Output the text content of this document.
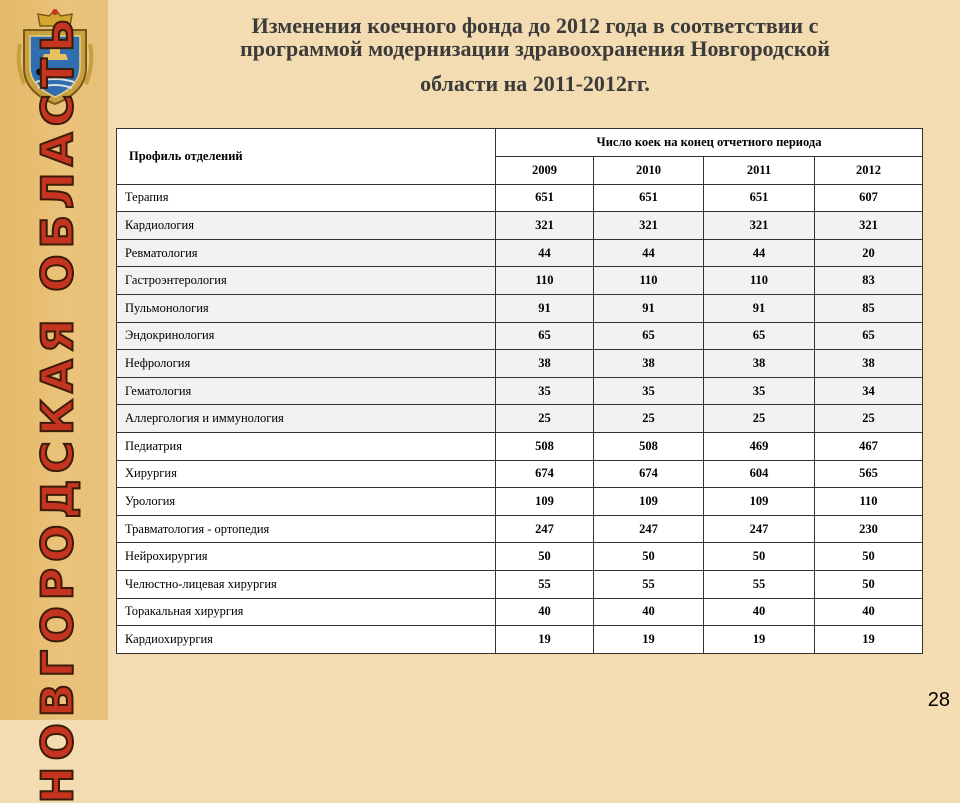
НОВГОРОДСКАЯ ОБЛАСТЬ	Изменения коечного фонда до 2012 года в соответствии с
программой модернизации здравоохранения Новгородской
области на 2011-2012гг.
Профиль отделений	Число коек на конец отчетного периода			
	2009	2010	2011	2012
Терапия	651	651	651	607
Кардиология	321	321	321	321
Ревматология	44	44	44	20
Гастроэнтерология	110	110	110	83
Пульмонология	91	91	91	85
Эндокринология	65	65	65	65
Нефрология	38	38	38	38
Гематология	35	35	35	34
Аллергология и иммунология	25	25	25	25
Педиатрия	508	508	469	467
Хирургия	674	674	604	565
Урология	109	109	109	110
Травматология - ортопедия	247	247	247	230
Нейрохирургия	50	50	50	50
Челюстно-лицевая хирургия	55	55	55	50
Торакальная хирургия	40	40	40	40
Кардиохирургия	19	19	19	19
28
